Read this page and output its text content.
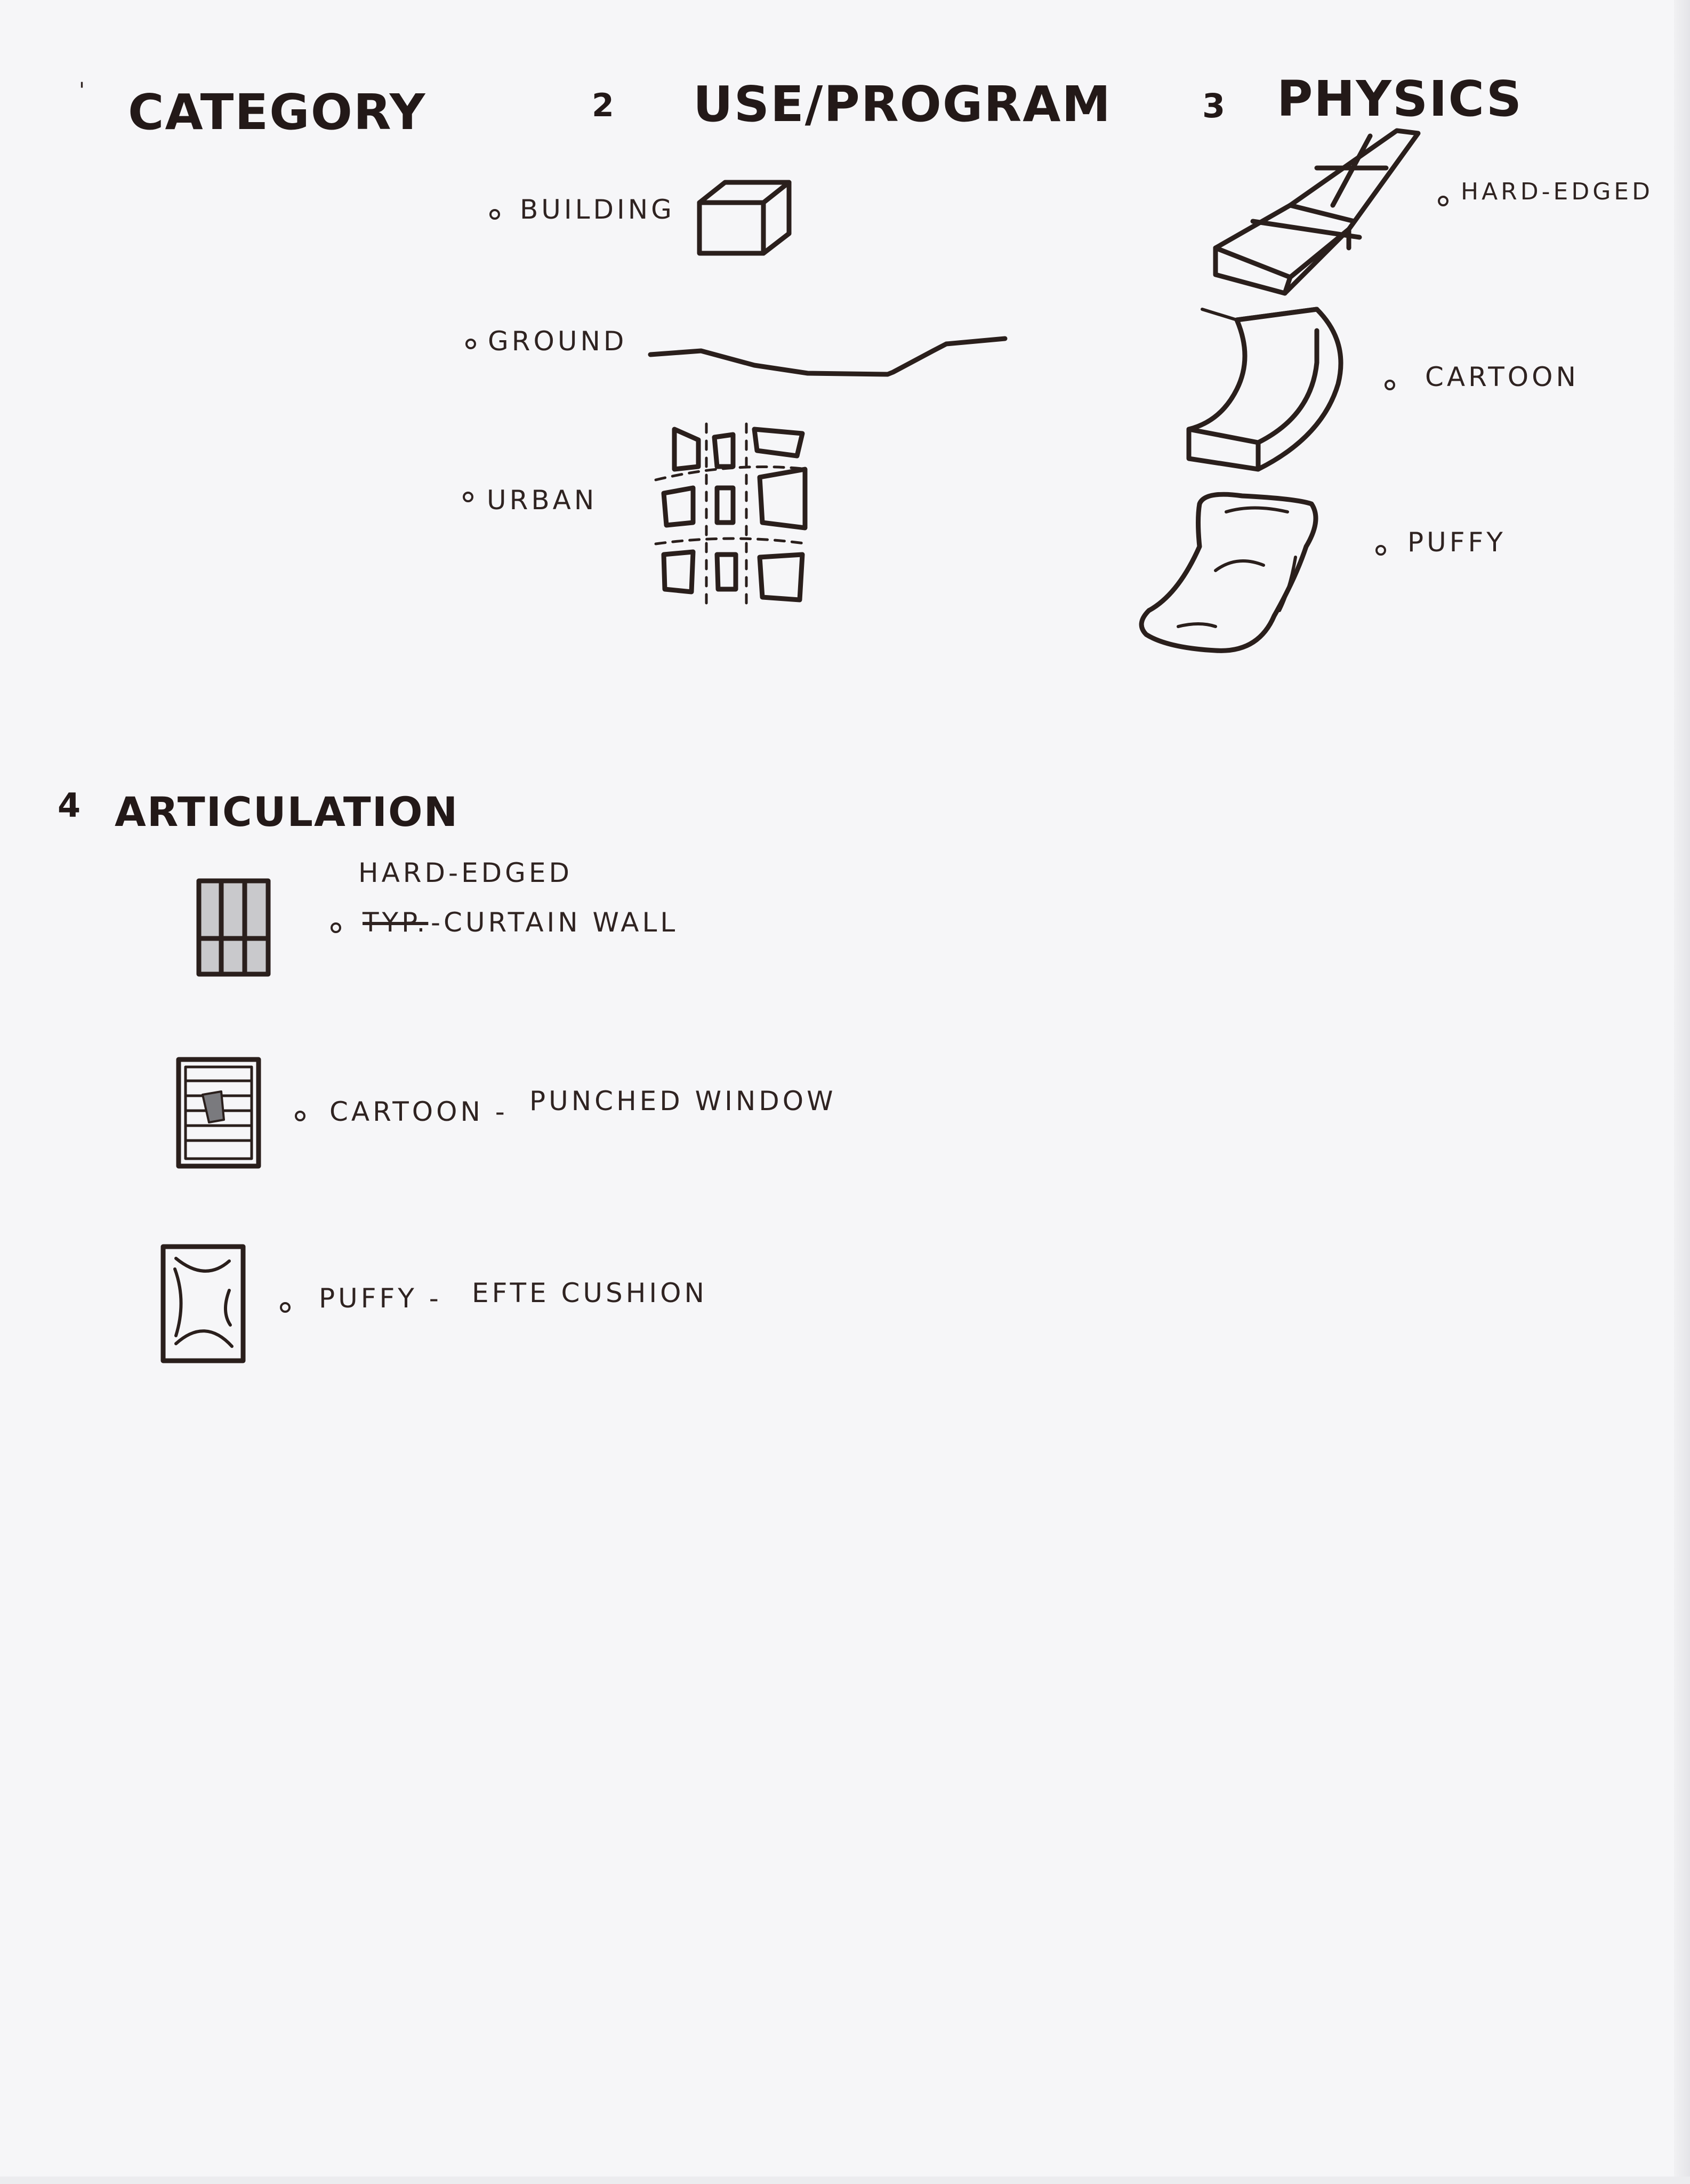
' CATEGORY	2 USE/PROGRAM	3 PHYSICS
BUILDING
GROUND
URBAN
HARD-EDGED
CARTOON
PUFFY
4 ARTICULATION
HARD-EDGED
TYP. -CURTAIN WALL
CARTOON - PUNCHED WINDOW
PUFFY - EFTE CUSHION
